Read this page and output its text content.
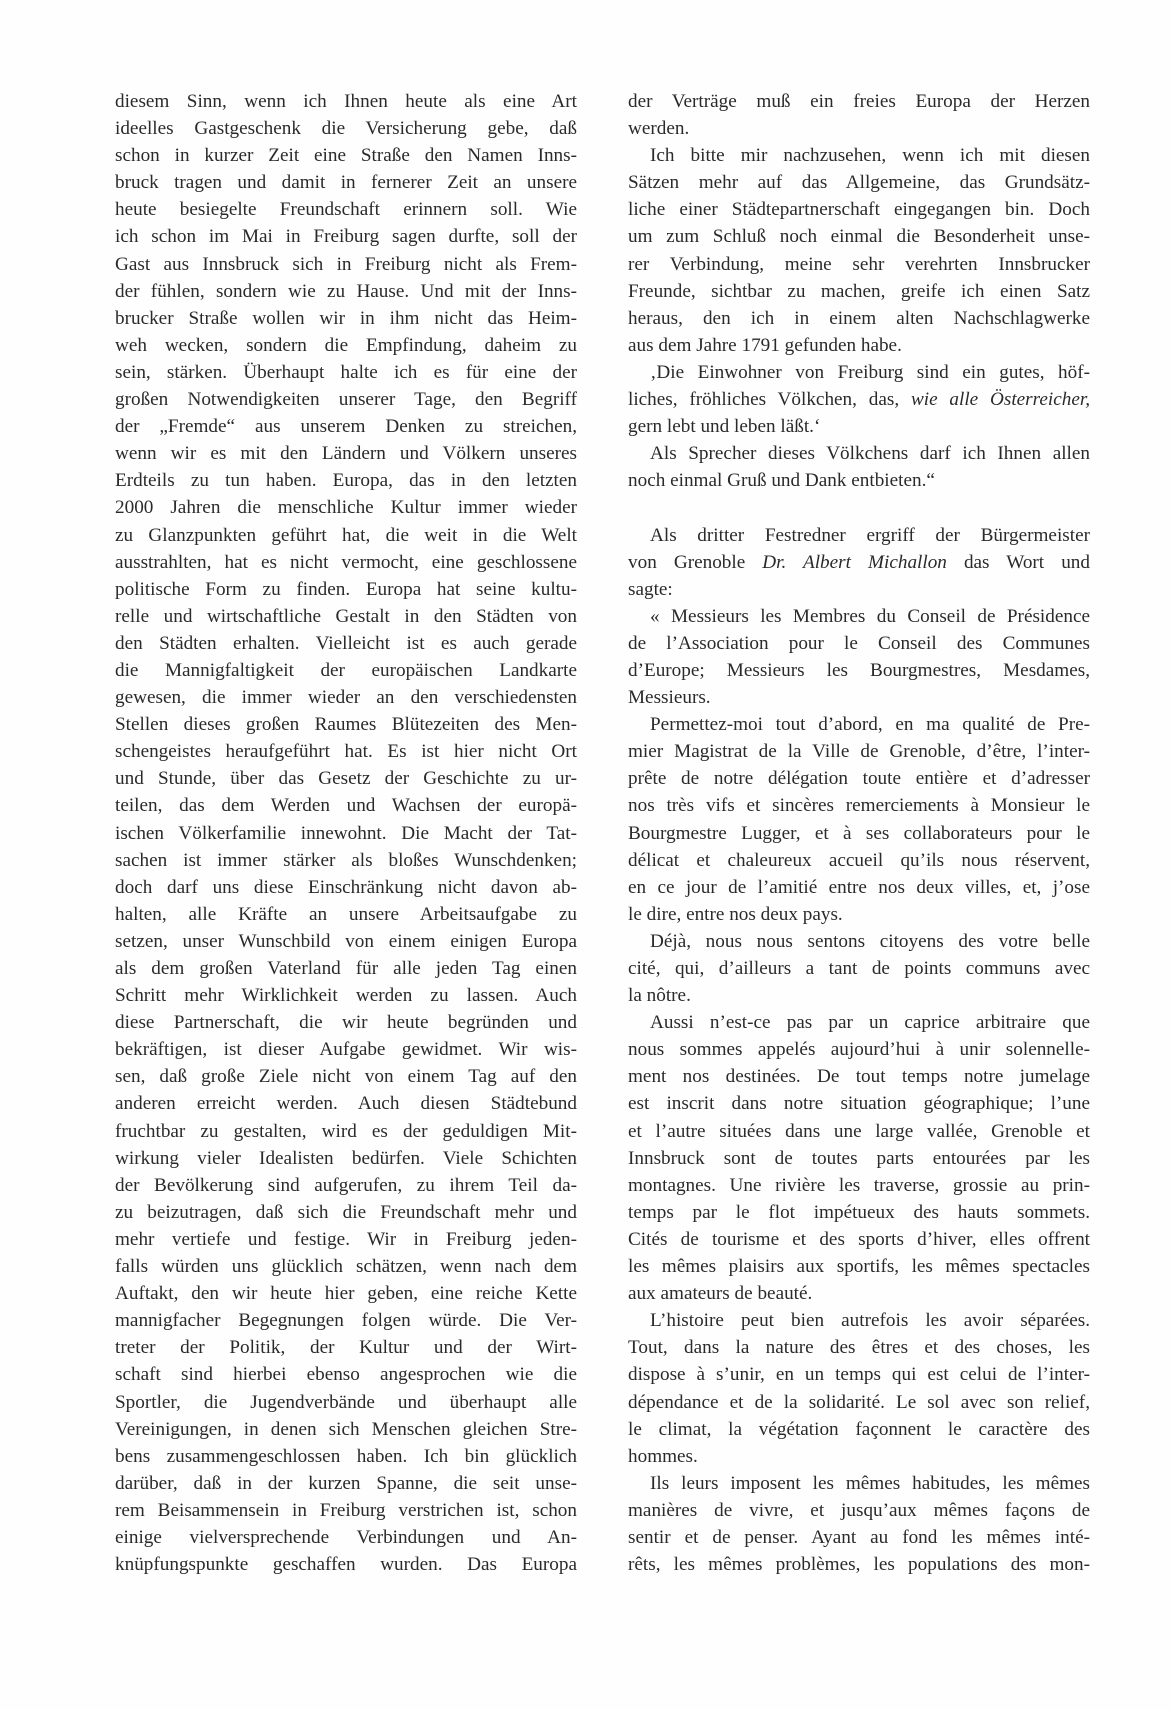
diesem Sinn, wenn ich Ihnen heute als eine Art
ideelles Gastgeschenk die Versicherung gebe, daß
schon in kurzer Zeit eine Straße den Namen Inns-
bruck tragen und damit in fernerer Zeit an unsere
heute besiegelte Freundschaft erinnern soll. Wie
ich schon im Mai in Freiburg sagen durfte, soll der
Gast aus Innsbruck sich in Freiburg nicht als Frem-
der fühlen, sondern wie zu Hause. Und mit der Inns-
brucker Straße wollen wir in ihm nicht das Heim-
weh wecken, sondern die Empfindung, daheim zu
sein, stärken. Überhaupt halte ich es für eine der
großen Notwendigkeiten unserer Tage, den Begriff
der „Fremde“ aus unserem Denken zu streichen,
wenn wir es mit den Ländern und Völkern unseres
Erdteils zu tun haben. Europa, das in den letzten
2000 Jahren die menschliche Kultur immer wieder
zu Glanzpunkten geführt hat, die weit in die Welt
ausstrahlten, hat es nicht vermocht, eine geschlossene
politische Form zu finden. Europa hat seine kultu-
relle und wirtschaftliche Gestalt in den Städten von
den Städten erhalten. Vielleicht ist es auch gerade
die Mannigfaltigkeit der europäischen Landkarte
gewesen, die immer wieder an den verschiedensten
Stellen dieses großen Raumes Blütezeiten des Men-
schengeistes heraufgeführt hat. Es ist hier nicht Ort
und Stunde, über das Gesetz der Geschichte zu ur-
teilen, das dem Werden und Wachsen der europä-
ischen Völkerfamilie innewohnt. Die Macht der Tat-
sachen ist immer stärker als bloßes Wunschdenken;
doch darf uns diese Einschränkung nicht davon ab-
halten, alle Kräfte an unsere Arbeitsaufgabe zu
setzen, unser Wunschbild von einem einigen Europa
als dem großen Vaterland für alle jeden Tag einen
Schritt mehr Wirklichkeit werden zu lassen. Auch
diese Partnerschaft, die wir heute begründen und
bekräftigen, ist dieser Aufgabe gewidmet. Wir wis-
sen, daß große Ziele nicht von einem Tag auf den
anderen erreicht werden. Auch diesen Städtebund
fruchtbar zu gestalten, wird es der geduldigen Mit-
wirkung vieler Idealisten bedürfen. Viele Schichten
der Bevölkerung sind aufgerufen, zu ihrem Teil da-
zu beizutragen, daß sich die Freundschaft mehr und
mehr vertiefe und festige. Wir in Freiburg jeden-
falls würden uns glücklich schätzen, wenn nach dem
Auftakt, den wir heute hier geben, eine reiche Kette
mannigfacher Begegnungen folgen würde. Die Ver-
treter der Politik, der Kultur und der Wirt-
schaft sind hierbei ebenso angesprochen wie die
Sportler, die Jugendverbände und überhaupt alle
Vereinigungen, in denen sich Menschen gleichen Stre-
bens zusammengeschlossen haben. Ich bin glücklich
darüber, daß in der kurzen Spanne, die seit unse-
rem Beisammensein in Freiburg verstrichen ist, schon
einige vielversprechende Verbindungen und An-
knüpfungspunkte geschaffen wurden. Das Europa
der Verträge muß ein freies Europa der Herzen
werden.
Ich bitte mir nachzusehen, wenn ich mit diesen
Sätzen mehr auf das Allgemeine, das Grundsätz-
liche einer Städtepartnerschaft eingegangen bin. Doch
um zum Schluß noch einmal die Besonderheit unse-
rer Verbindung, meine sehr verehrten Innsbrucker
Freunde, sichtbar zu machen, greife ich einen Satz
heraus, den ich in einem alten Nachschlagwerke
aus dem Jahre 1791 gefunden habe.
‚Die Einwohner von Freiburg sind ein gutes, höf-
liches, fröhliches Völkchen, das, wie alle Österreicher,
gern lebt und leben läßt.‘
Als Sprecher dieses Völkchens darf ich Ihnen allen
noch einmal Gruß und Dank entbieten.“
Als dritter Festredner ergriff der Bürgermeister
von Grenoble Dr. Albert Michallon das Wort und
sagte:
« Messieurs les Membres du Conseil de Présidence
de l’Association pour le Conseil des Communes
d’Europe; Messieurs les Bourgmestres, Mesdames,
Messieurs.
Permettez-moi tout d’abord, en ma qualité de Pre-
mier Magistrat de la Ville de Grenoble, d’être, l’inter-
prête de notre délégation toute entière et d’adresser
nos très vifs et sincères remerciements à Monsieur le
Bourgmestre Lugger, et à ses collaborateurs pour le
délicat et chaleureux accueil qu’ils nous réservent,
en ce jour de l’amitié entre nos deux villes, et, j’ose
le dire, entre nos deux pays.
Déjà, nous nous sentons citoyens des votre belle
cité, qui, d’ailleurs a tant de points communs avec
la nôtre.
Aussi n’est-ce pas par un caprice arbitraire que
nous sommes appelés aujourd’hui à unir solennelle-
ment nos destinées. De tout temps notre jumelage
est inscrit dans notre situation géographique; l’une
et l’autre situées dans une large vallée, Grenoble et
Innsbruck sont de toutes parts entourées par les
montagnes. Une rivière les traverse, grossie au prin-
temps par le flot impétueux des hauts sommets.
Cités de tourisme et des sports d’hiver, elles offrent
les mêmes plaisirs aux sportifs, les mêmes spectacles
aux amateurs de beauté.
L’histoire peut bien autrefois les avoir séparées.
Tout, dans la nature des êtres et des choses, les
dispose à s’unir, en un temps qui est celui de l’inter-
dépendance et de la solidarité. Le sol avec son relief,
le climat, la végétation façonnent le caractère des
hommes.
Ils leurs imposent les mêmes habitudes, les mêmes
manières de vivre, et jusqu’aux mêmes façons de
sentir et de penser. Ayant au fond les mêmes inté-
rêts, les mêmes problèmes, les populations des mon-
